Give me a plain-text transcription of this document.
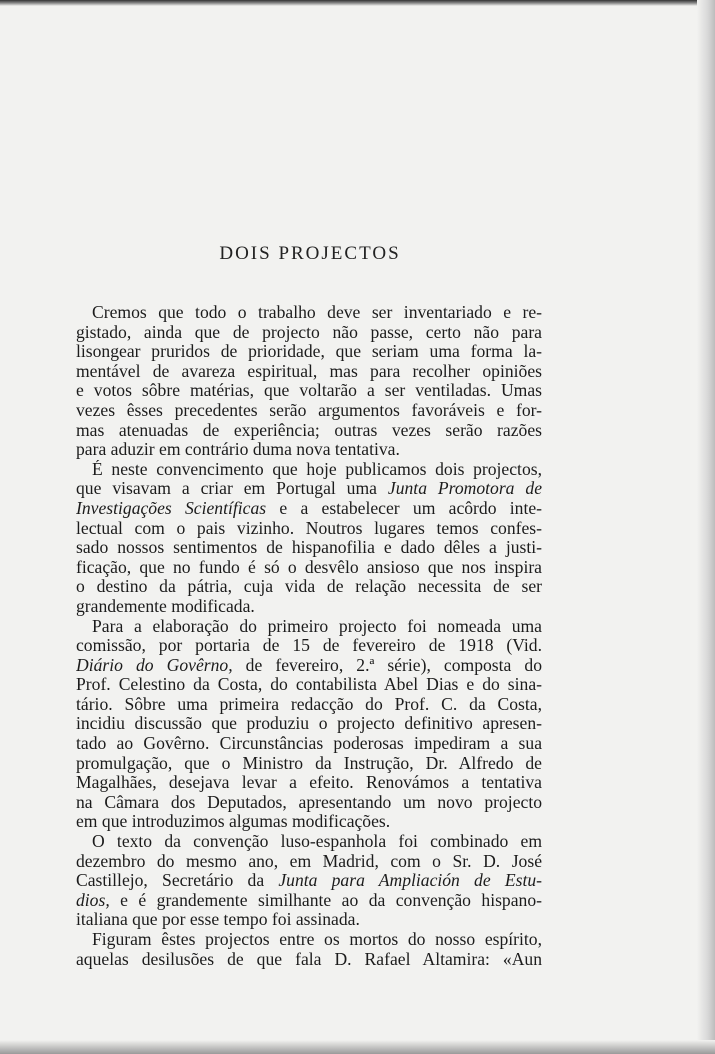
DOIS PROJECTOS
Cremos que todo o trabalho deve ser inventariado e re-
gistado, ainda que de projecto não passe, certo não para
lisongear pruridos de prioridade, que seriam uma forma la-
mentável de avareza espiritual, mas para recolher opiniões
e votos sôbre matérias, que voltarão a ser ventiladas. Umas
vezes êsses precedentes serão argumentos favoráveis e for-
mas atenuadas de experiência; outras vezes serão razões
para aduzir em contrário duma nova tentativa.
É neste convencimento que hoje publicamos dois projectos,
que visavam a criar em Portugal uma Junta Promotora de
Investigações Scientíficas e a estabelecer um acôrdo inte-
lectual com o pais vizinho. Noutros lugares temos confes-
sado nossos sentimentos de hispanofilia e dado dêles a justi-
ficação, que no fundo é só o desvêlo ansioso que nos inspira
o destino da pátria, cuja vida de relação necessita de ser
grandemente modificada.
Para a elaboração do primeiro projecto foi nomeada uma
comissão, por portaria de 15 de fevereiro de 1918 (Vid.
Diário do Govêrno, de fevereiro, 2.ª série), composta do
Prof. Celestino da Costa, do contabilista Abel Dias e do sina-
tário. Sôbre uma primeira redacção do Prof. C. da Costa,
incidiu discussão que produziu o projecto definitivo apresen-
tado ao Govêrno. Circunstâncias poderosas impediram a sua
promulgação, que o Ministro da Instrução, Dr. Alfredo de
Magalhães, desejava levar a efeito. Renovámos a tentativa
na Câmara dos Deputados, apresentando um novo projecto
em que introduzimos algumas modificações.
O texto da convenção luso-espanhola foi combinado em
dezembro do mesmo ano, em Madrid, com o Sr. D. José
Castillejo, Secretário da Junta para Ampliación de Estu-
dios, e é grandemente similhante ao da convenção hispano-
italiana que por esse tempo foi assinada.
Figuram êstes projectos entre os mortos do nosso espírito,
aquelas desilusões de que fala D. Rafael Altamira: «Aun
